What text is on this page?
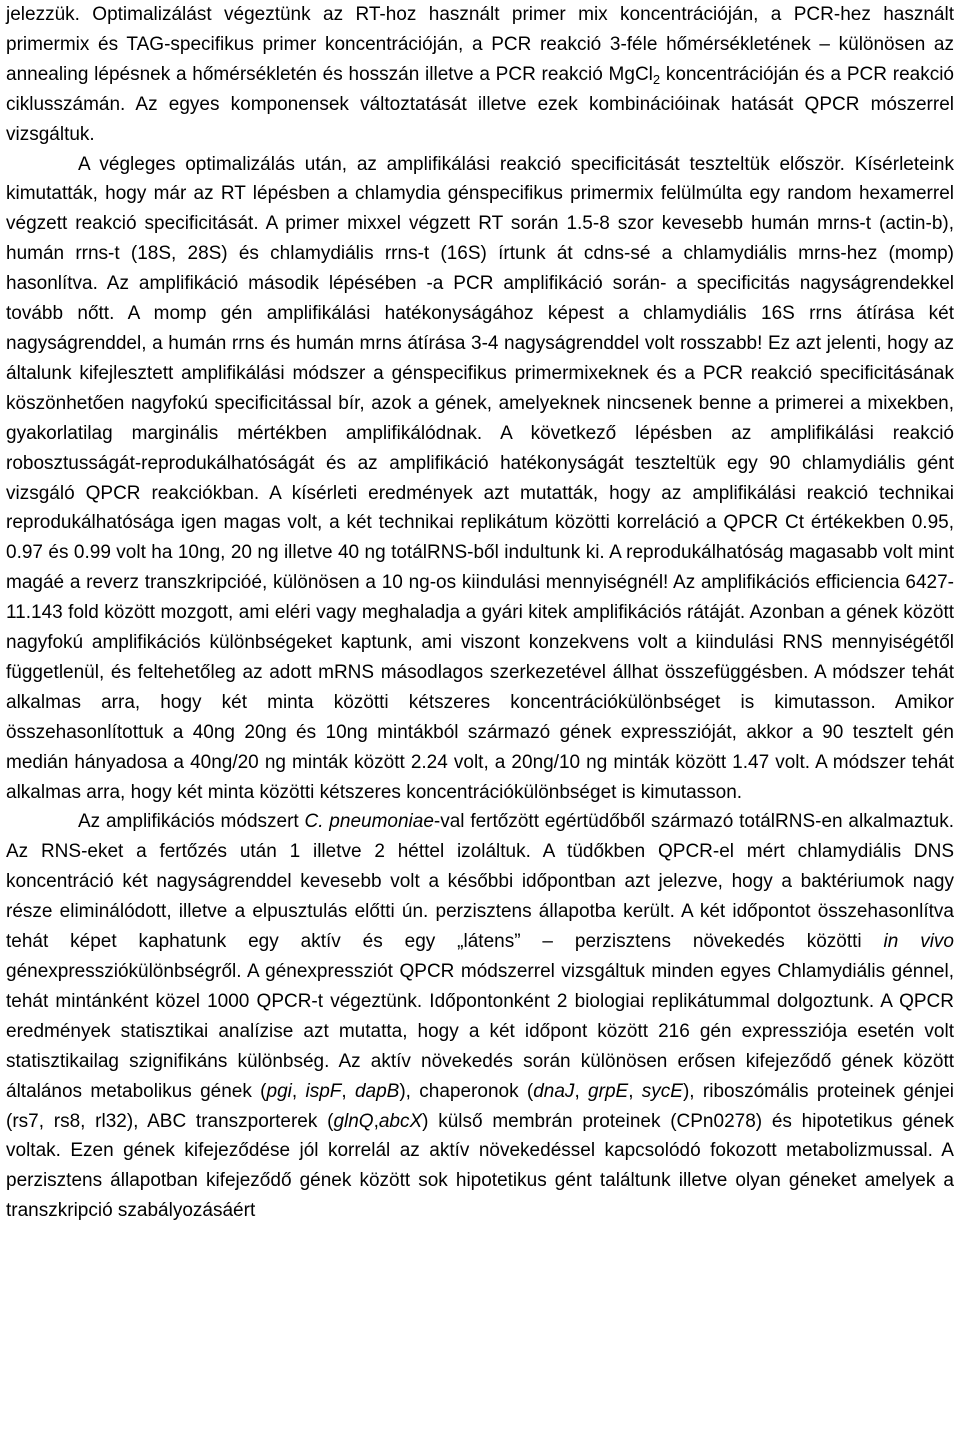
jelezzük. Optimalizálást végeztünk az RT-hoz használt primer mix koncentrációján, a PCR-hez használt primermix és TAG-specifikus primer koncentrációján, a PCR reakció 3-féle hőmérsékletének – különösen az annealing lépésnek a hőmérsékletén és hosszán illetve a PCR reakció MgCl$_2$ koncentrációján és a PCR reakció ciklusszámán. Az egyes komponensek változtatását illetve ezek kombinációinak hatását QPCR mószerrel vizsgáltuk.

A végleges optimalizálás után, az amplifikálási reakció specificitását teszteltük először. Kísérleteink kimutatták, hogy már az RT lépésben a chlamydia génspecifikus primermix felülmúlta egy random hexamerrel végzett reakció specificitását. A primer mixxel végzett RT során 1.5-8 szor kevesebb humán mrns-t (actin-b), humán rrns-t (18S, 28S) és chlamydiális rrns-t (16S) írtunk át cdns-sé a chlamydiális mrns-hez (momp) hasonlítva. Az amplifikáció második lépésében -a PCR amplifikáció során- a specificitás nagyságrendekkel tovább nőtt. A momp gén amplifikálási hatékonyságához képest a chlamydiális 16S rrns átírása két nagyságrenddel, a humán rrns és humán mrns átírása 3-4 nagyságrenddel volt rosszabb! Ez azt jelenti, hogy az általunk kifejlesztett amplifikálási módszer a génspecifikus primermixeknek és a PCR reakció specificitásának köszönhetően nagyfokú specificitással bír, azok a gének, amelyeknek nincsenek benne a primerei a mixekben, gyakorlatilag marginális mértékben amplifikálódnak. A következő lépésben az amplifikálási reakció robosztusságát-reprodukálhatóságát és az amplifikáció hatékonyságát teszteltük egy 90 chlamydiális gént vizsgáló QPCR reakciókban. A kísérleti eredmények azt mutatták, hogy az amplifikálási reakció technikai reprodukálhatósága igen magas volt, a két technikai replikátum közötti korreláció a QPCR Ct értékekben 0.95, 0.97 és 0.99 volt ha 10ng, 20 ng illetve 40 ng totálRNS-ből indultunk ki. A reprodukálhatóság magasabb volt mint magáé a reverz transzkripcióé, különösen a 10 ng-os kiindulási mennyiségnél! Az amplifikációs efficiencia 6427-11.143 fold között mozgott, ami eléri vagy meghaladja a gyári kitek amplifikációs rátáját. Azonban a gének között nagyfokú amplifikációs különbségeket kaptunk, ami viszont konzekvens volt a kiindulási RNS mennyiségétől függetlenül, és feltehetőleg az adott mRNS másodlagos szerkezetével állhat összefüggésben. A módszer tehát alkalmas arra, hogy két minta közötti kétszeres koncentrációkülönbséget is kimutasson. Amikor összehasonlítottuk a 40ng 20ng és 10ng mintákból származó gének expresszióját, akkor a 90 tesztelt gén medián hányadosa a 40ng/20 ng minták között 2.24 volt, a 20ng/10 ng minták között 1.47 volt. A módszer tehát alkalmas arra, hogy két minta közötti kétszeres koncentrációkülönbséget is kimutasson.

Az amplifikációs módszert C. pneumoniae-val fertőzött egértüdőből származó totálRNS-en alkalmaztuk. Az RNS-eket a fertőzés után 1 illetve 2 héttel izoláltuk. A tüdőkben QPCR-el mért chlamydiális DNS koncentráció két nagyságrenddel kevesebb volt a későbbi időpontban azt jelezve, hogy a baktériumok nagy része eliminálódott, illetve a elpusztulás előtti ún. perzisztens állapotba került. A két időpontot összehasonlítva tehát képet kaphatunk egy aktív és egy „látens” – perzisztens növekedés közötti in vivo génexpressziókülönbségről. A génexpressziót QPCR módszerrel vizsgáltuk minden egyes Chlamydiális génnel, tehát mintánként közel 1000 QPCR-t végeztünk. Időpontonként 2 biologiai replikátummal dolgoztunk. A QPCR eredmények statisztikai analízise azt mutatta, hogy a két időpont között 216 gén expressziója esetén volt statisztikailag szignifikáns különbség. Az aktív növekedés során különösen erősen kifejeződő gének között általános metabolikus gének (pgi, ispF, dapB), chaperonok (dnaJ, grpE, sycE), riboszómális proteinek génjei (rs7, rs8, rl32), ABC transzporterek (glnQ,abcX) külső membrán proteinek (CPn0278) és hipotetikus gének voltak. Ezen gének kifejeződése jól korrelál az aktív növekedéssel kapcsolódó fokozott metabolizmussal. A perzisztens állapotban kifejeződő gének között sok hipotetikus gént találtunk illetve olyan géneket amelyek a transzkripció szabályozásáért
